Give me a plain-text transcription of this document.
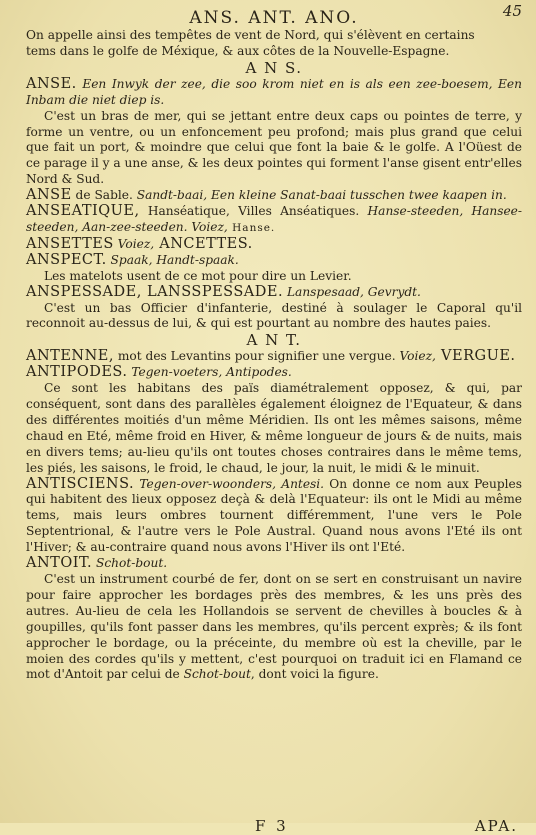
45
ANS. ANT. ANO.

On appelle ainsi des tempêtes de vent de Nord, qui s'élèvent en certains

tems dans le golfe de Méxique, & aux côtes de la Nouvelle-Espagne.

A N S.

ANSE. Een Inwyk der zee, die soo krom niet en is als een zee-boesem, Een Inbam die niet diep is.

C'est un bras de mer, qui se jettant entre deux caps ou pointes de terre, y forme un ventre, ou un enfoncement peu profond; mais plus grand que celui que fait un port, & moindre que celui que font la baie & le golfe. A l'Oüest de ce parage il y a une anse, & les deux pointes qui forment l'anse gisent entr'elles Nord & Sud.

ANSE de Sable. Sandt-baai, Een kleine Sanat-baai tusschen twee kaapen in.

ANSEATIQUE, Hanséatique, Villes Anséatiques. Hanse-steeden, Hansee-steeden, Aan-zee-steeden. Voiez, Hanse.

ANSETTES Voiez, ANCETTES.

ANSPECT. Spaak, Handt-spaak.

Les matelots usent de ce mot pour dire un Levier.

ANSPESSADE, LANSSPESSADE. Lanspesaad, Gevrydt.

C'est un bas Officier d'infanterie, destiné à soulager le Caporal qu'il reconnoit au-dessus de lui, & qui est pourtant au nombre des hautes paies.

A N T.

ANTENNE, mot des Levantins pour signifier une vergue. Voiez, VERGUE.

ANTIPODES. Tegen-voeters, Antipodes.

Ce sont les habitans des païs diamétralement opposez, & qui, par conséquent, sont dans des parallèles également éloignez de l'Equateur, & dans des différentes moitiés d'un même Méridien. Ils ont les mêmes saisons, même chaud en Eté, même froid en Hiver, & même longueur de jours & de nuits, mais en divers tems; au-lieu qu'ils ont toutes choses contraires dans le même tems, les piés, les saisons, le froid, le chaud, le jour, la nuit, le midi & le minuit.

ANTISCIENS. Tegen-over-woonders, Antesi. On donne ce nom aux Peuples qui habitent des lieux opposez deçà & delà l'Equateur: ils ont le Midi au même tems, mais leurs ombres tournent différemment, l'une vers le Pole Septentrional, & l'autre vers le Pole Austral. Quand nous avons l'Eté ils ont l'Hiver; & au-contraire quand nous avons l'Hiver ils ont l'Eté.

ANTOIT. Schot-bout.

C'est un instrument courbé de fer, dont on se sert en construisant un navire pour faire approcher les bordages près des membres, & les uns près des autres. Au-lieu de cela les Hollandois se servent de chevilles à boucles & à goupilles, qu'ils font passer dans les membres, qu'ils percent exprès; & ils font approcher le bordage, ou la préceinte, du membre où est la cheville, par le moien des cordes qu'ils y mettent, c'est pourquoi on traduit ici en Flamand ce mot d'Antoit par celui de Schot-bout, dont voici la figure.

F 3	APA.
